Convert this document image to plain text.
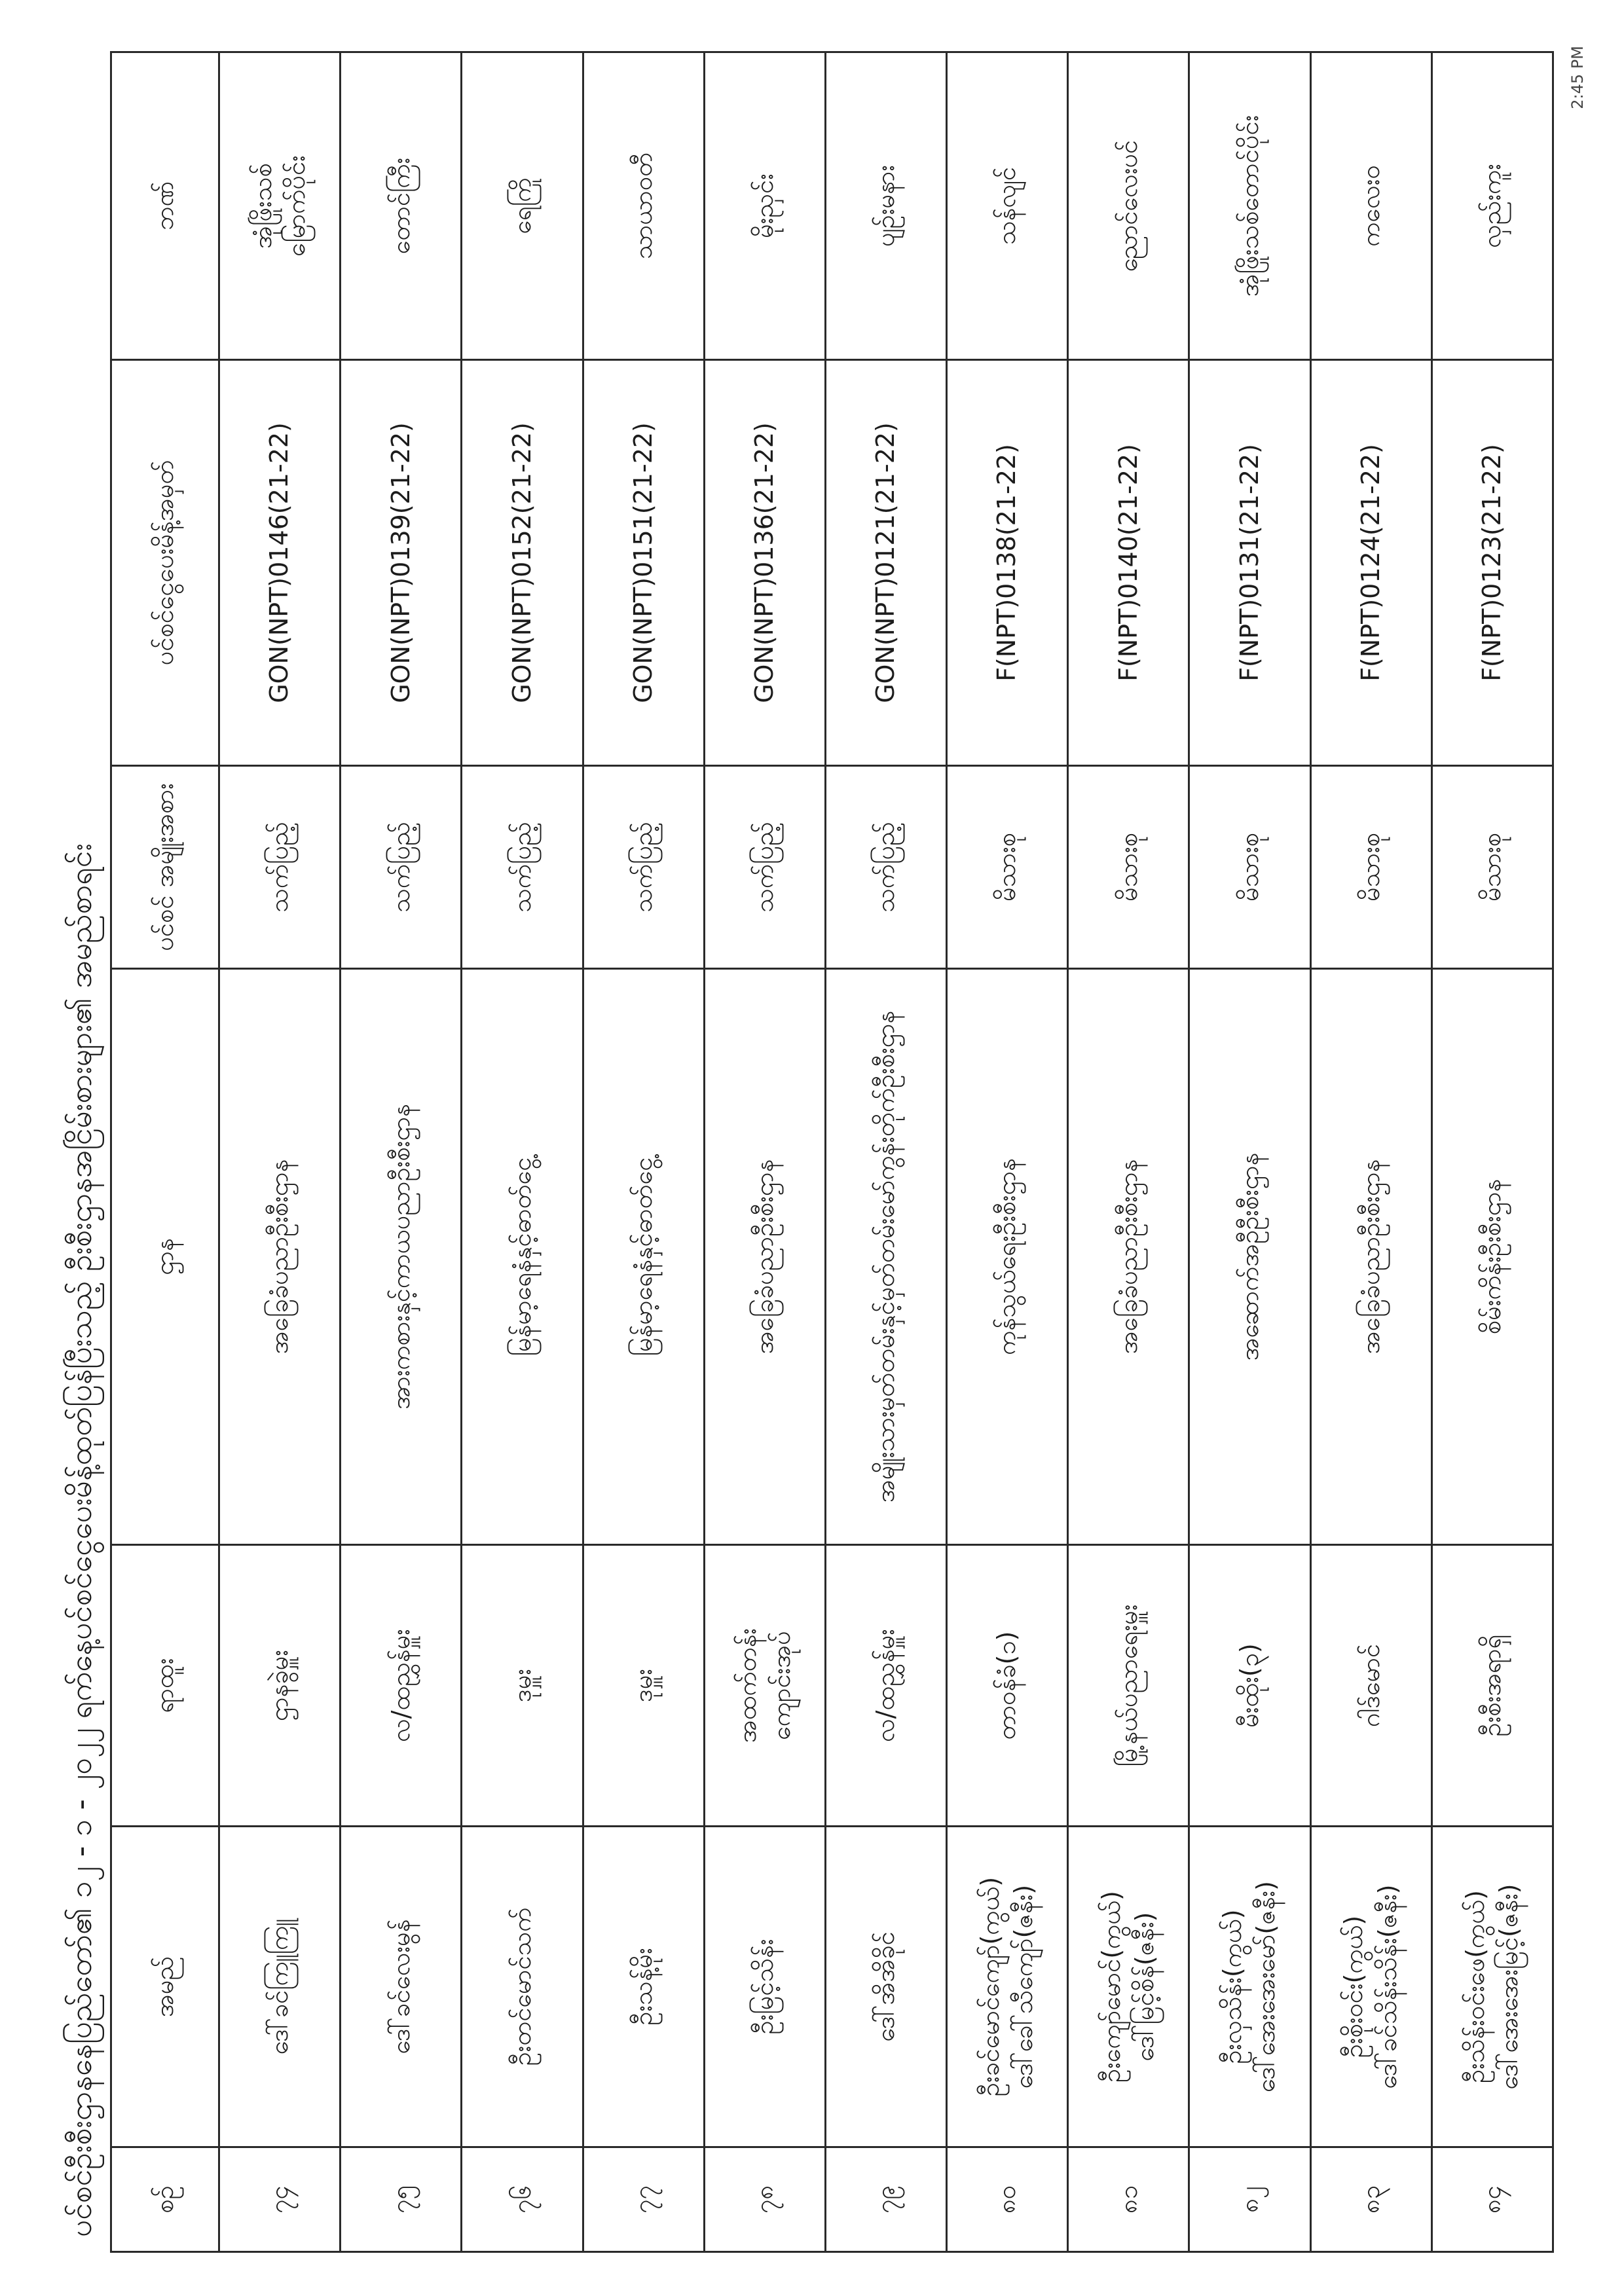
ပင်စင်ဦးစီးဌာနနေပြည်တော်၏ ၁၂ - ၁ - ၂၀၂၂ ရက်နေ့ပင်စင်ငွေပေးမိန့်ထုတ်ပြန်ပြီးသည့် ဦးစီးဌာနအငြိမ်းစားများ၏ အမည်စာရင်း
2:45 PM
စဉ်	အမည်	ရာထူး	ဌာန	ပင်စင် အမျိုးအစား	ပင်စင်ငွေပေးမိန့်အမှတ်	ဘဏ်
၇၄	ဒေါ်ခင်ကြူကြူ	ဌာနခွဲမှူး	အခြေခံပညာဦးစီးဌာန	သက်ပြည့်	GON(NPT)0146(21-22)	အုံဖြိုးသစ်
မြောက်ပိုင်း
၇၅	ဒေါ်ခင်လေးမွန်	လ/ထညွှန်မှူး	အားကစားနှင့်ကာယပညာဦးစီးဌာန	သက်ပြည့်	GON(NPT)0139(21-22)	တောင်ကြီး
၇၆	ဦးတင်မောင်သက်	ဒုမှူး	မြန်မာ့ရေနံနှင့်ဓာတ်ငွေ့	သက်ပြည့်	GON(NPT)0152(21-22)	ရေကြို
၇၇	ဦးသန့်မိုး	ဒုမှူး	မြန်မာ့ရေနံနှင့်ဓာတ်ငွေ့	သက်ပြည့်	GON(NPT)0151(21-22)	သာယာဝတီ
၇၈	ဦးမြင့်သိန်း	အထက်တန်း
ကျောင်းအုပ်	အခြေခံပညာဦးစီးဌာန	သက်ပြည့်	GON(NPT)0136(21-22)	မိုးညှင်း
၇၉	ဒေါ်အိအိခိုင်	လ/ထညွှန်မှူး	အမျိုးသားမှတ်တမ်းနှင့်မှတ်တမ်းမော်ကွန်းတိုက်ဦးစီးဌာန	သက်ပြည့်	GON(NPT)0121(21-22)	ပျဉ်းမနား
၈၀	ဦးခင်မောင်ကျော်(ကွယ်)
ဒေါ်ခေါ်သီကျော်(ဇနီး)	တာဝန်ခံ(၁)	ကုန်သွယ်ရေးဦးစီးဌာန	မိသားစု	F(NPT)0138(21-22)	သန်လျင်
၈၁	ဦးကျော်မောင်(ကွယ်)
ဒေါ်မြင့်စိန်(ဇနီး)	မြို့နယ်ပညာရေးမှူး	အခြေခံပညာဦးစီးဌာန	မိသားစု	F(NPT)0140(21-22)	ညောင်လေးပင်
၈၂	ဦးလှသိန်း(ကွယ်)
ဒေါ်အေးအေးမော်(ဇနီး)	မီးထိုး(၃)	အဆောက်အဦဦးစီးဌာန	မိသားစု	F(NPT)0131(21-22)	အုံဖြိုးသစ်တောင်ပိုင်း
၈၃	ဦးစိုးဝင်း(ကွယ်)
ဒေါ်ခင်သိန်းသိန်း(ဇနီး)	ဂါဒ်မောင်	အခြေခံပညာဦးစီးဌာန	မိသားစု	F(NPT)0124(21-22)	ကလေးဝ
၈၄	ဦးသိန်းဝင်းဖေ(ကွယ်)
ဒေါ်အေးအေးမြင့်(ဇနီး)	ဦးစီးအရာရှိ	စိမ်းကိန်းဦးစီးဌာန	မိသားစု	F(NPT)0123(21-22)	လှည်းကူး
